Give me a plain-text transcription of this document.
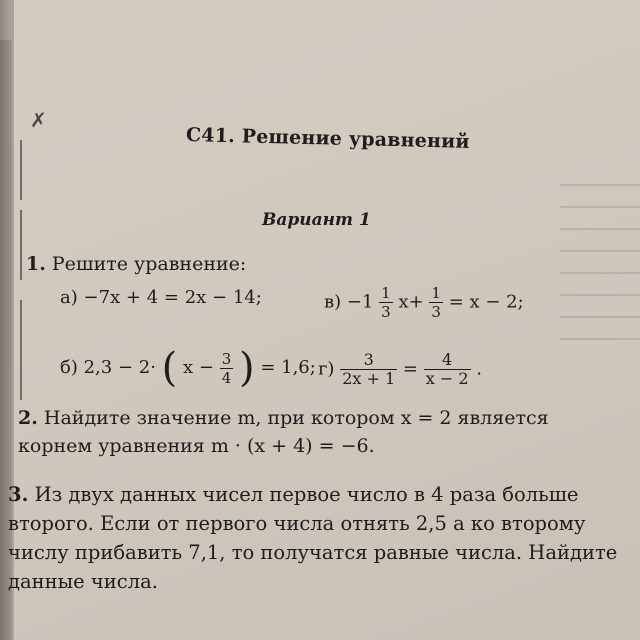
✗
С41. Решение уравнений
Вариант 1
1. Решите уравнение:
а) −7x + 4 = 2x − 14;	$в) -1 \frac{1}{3} x+ \frac{1}{3} = x - 2$;
б) 2,3 − 2· ( $x - \frac{3}{4}$ ) = 1,6; $г) \frac{3}{2x + 1} = \frac{4}{x - 2}$ .
2. Найдите значение m, при котором x = 2 является корнем уравнения m · (x + 4) = −6.
3. Из двух данных чисел первое число в 4 раза больше второго. Если от первого числа отнять 2,5 а ко второму числу прибавить 7,1, то получатся равные числа. Найдите данные числа.
